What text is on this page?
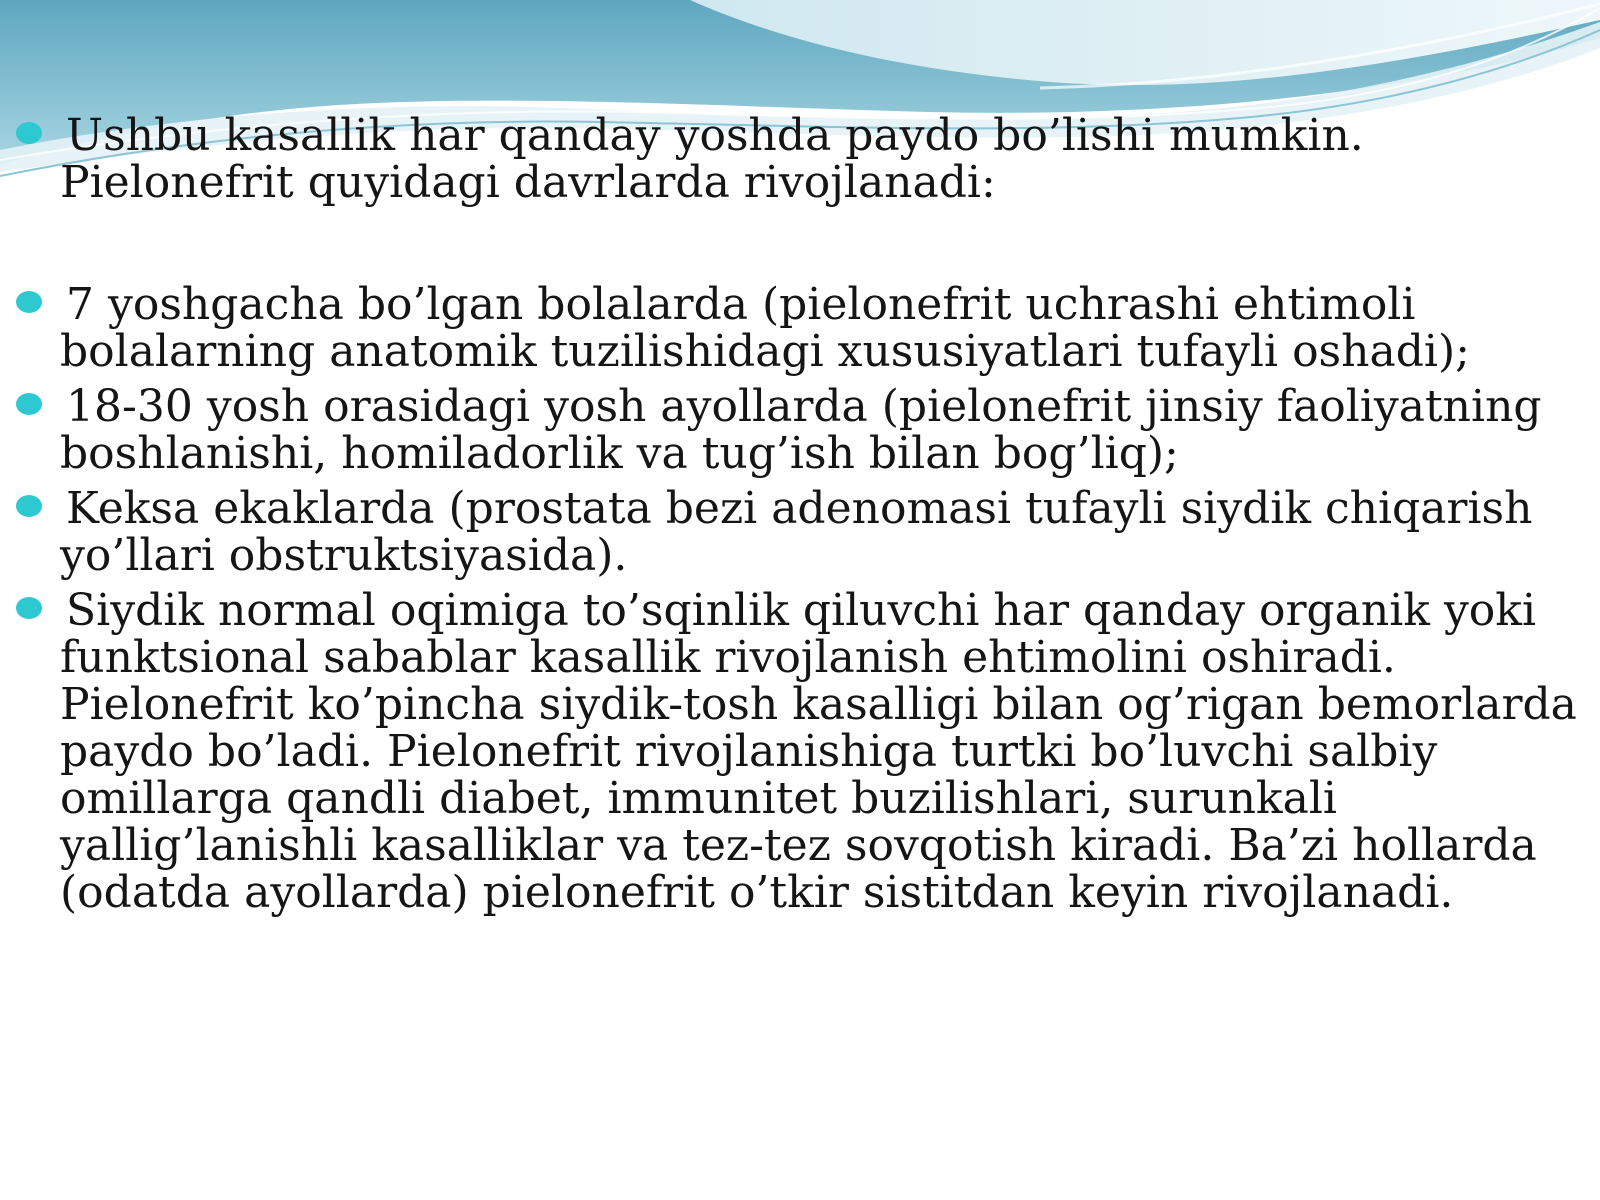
Ushbu kasallik har qanday yoshda paydo bo’lishi mumkin. Pielonefrit quyidagi davrlarda rivojlanadi:
7 yoshgacha bo’lgan bolalarda (pielonefrit uchrashi ehtimoli bolalarning anatomik tuzilishidagi xususiyatlari tufayli oshadi);
18-30 yosh orasidagi yosh ayollarda (pielonefrit jinsiy faoliyatning boshlanishi, homiladorlik va tug’ish bilan bog’liq);
Keksa ekaklarda (prostata bezi adenomasi tufayli siydik chiqarish yo’llari obstruktsiyasida).
Siydik normal oqimiga to’sqinlik qiluvchi har qanday organik yoki funktsional sabablar kasallik rivojlanish ehtimolini oshiradi. Pielonefrit ko’pincha siydik-tosh kasalligi bilan og’rigan bemorlarda paydo bo’ladi. Pielonefrit rivojlanishiga turtki bo’luvchi salbiy omillarga qandli diabet, immunitet buzilishlari, surunkali yallig’lanishli kasalliklar va tez-tez sovqotish kiradi. Ba’zi hollarda (odatda ayollarda) pielonefrit o’tkir sistitdan keyin rivojlanadi.
